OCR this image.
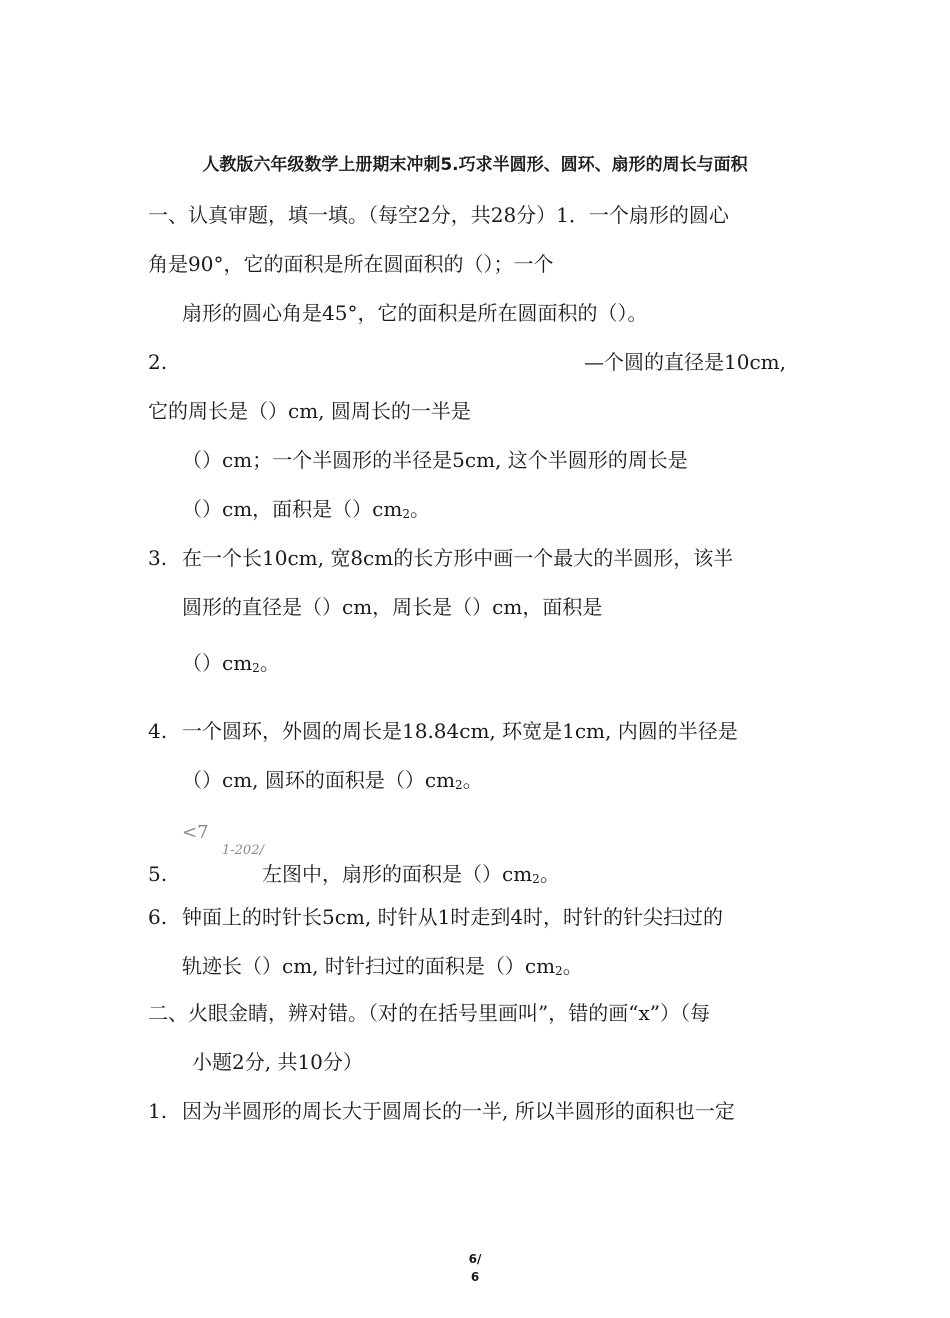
人教版六年级数学上册期末冲刺5.巧求半圆形、圆环、扇形的周长与面积
一、认真审题，填一填。（每空2分，共28分）1．一个扇形的圆心
角是90°，它的面积是所在圆面积的（）；一个
扇形的圆心角是45°，它的面积是所在圆面积的（）。
2.	—个圆的直径是10cm,
它的周长是（）cm, 圆周长的一半是
（）cm；一个半圆形的半径是5cm, 这个半圆形的周长是
（）cm，面积是（）cm2。
3. 在一个长10cm, 宽8cm的长方形中画一个最大的半圆形，该半
圆形的直径是（）cm，周长是（）cm，面积是
（）cm2。
4. 一个圆环，外圆的周长是18.84cm, 环宽是1cm, 内圆的半径是
（）cm, 圆环的面积是（）cm2。
<7
1-202/
5.	左图中，扇形的面积是（）cm2。
6. 钟面上的时针长5cm, 时针从1时走到4时，时针的针尖扫过的
轨迹长（）cm, 时针扫过的面积是（）cm2。
二、火眼金睛，辨对错。（对的在括号里画叫”，错的画“x”）（每
小题2分, 共10分）
1. 因为半圆形的周长大于圆周长的一半, 所以半圆形的面积也一定
6/
6
